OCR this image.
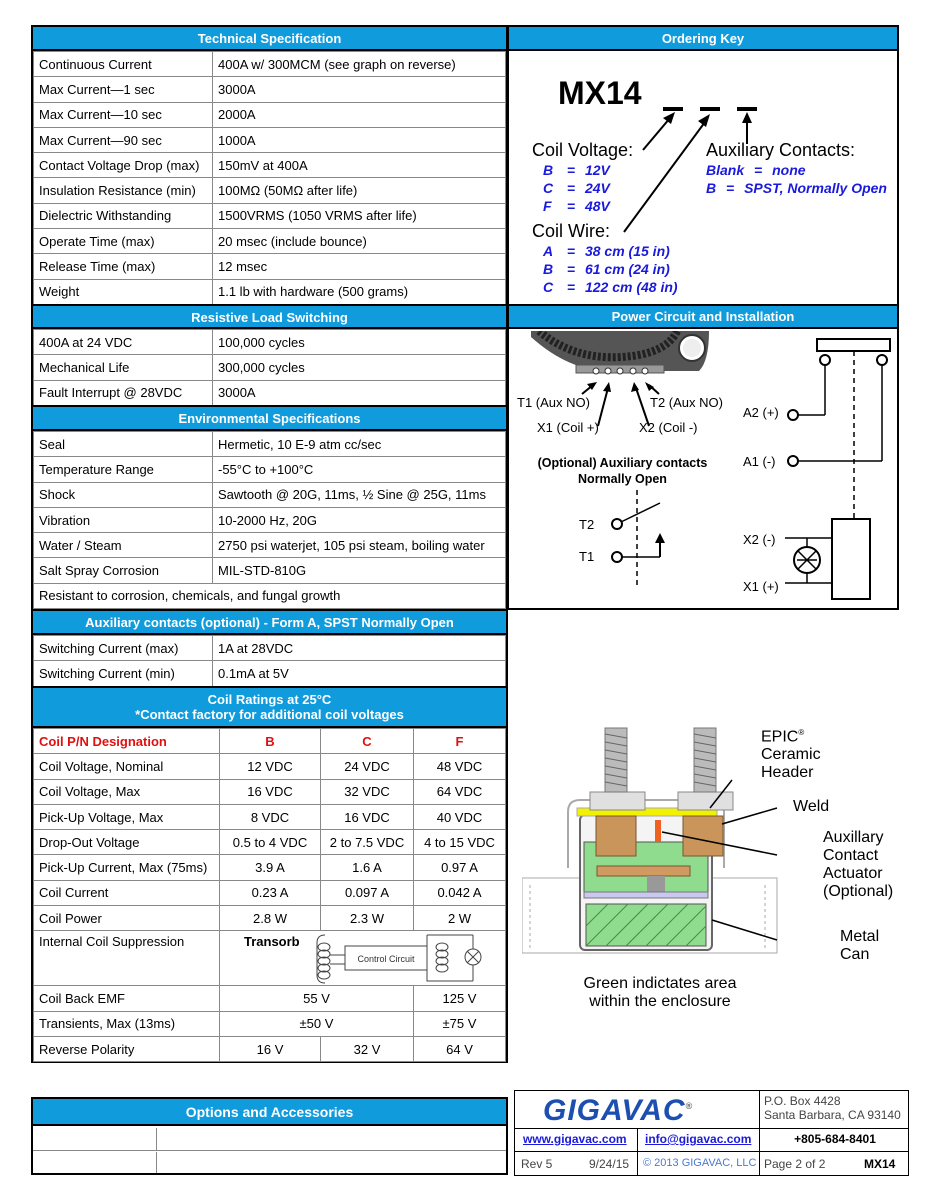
Technical Specification
Continuous Current	400A w/ 300MCM (see graph on reverse)
Max Current—1 sec	3000A
Max Current—10 sec	2000A
Max Current—90 sec	1000A
Contact Voltage Drop (max)	150mV at 400A
Insulation Resistance (min)	100MΩ (50MΩ after life)
Dielectric Withstanding	1500VRMS (1050 VRMS after life)
Operate Time (max)	20 msec (include bounce)
Release Time (max)	12 msec
Weight	1.1 lb with hardware (500 grams)
Resistive Load Switching
400A at 24 VDC	100,000 cycles
Mechanical Life	300,000 cycles
Fault Interrupt @ 28VDC	3000A
Environmental Specifications
Seal	Hermetic, 10 E-9 atm cc/sec
Temperature Range	-55°C to +100°C
Shock	Sawtooth @ 20G, 11ms, ½ Sine @ 25G, 11ms
Vibration	10-2000 Hz, 20G
Water / Steam	2750 psi waterjet, 105 psi steam, boiling water
Salt Spray Corrosion	MIL-STD-810G
Resistant to corrosion, chemicals, and fungal growth	
Auxiliary contacts (optional) - Form A, SPST Normally Open
Switching Current (max)	1A at 28VDC
Switching Current (min)	0.1mA at 5V
Coil Ratings at 25°C
*Contact factory for additional coil voltages
Coil P/N Designation	B	C	F
Coil Voltage, Nominal	12 VDC	24 VDC	48 VDC
Coil Voltage, Max	16 VDC	32 VDC	64 VDC
Pick-Up Voltage, Max	8 VDC	16 VDC	40 VDC
Drop-Out Voltage	0.5 to 4 VDC	2 to 7.5 VDC	4 to 15 VDC
Pick-Up Current, Max (75ms)	3.9 A	1.6 A	0.97 A
Coil Current	0.23 A	0.097 A	0.042 A
Coil Power	2.8 W	2.3 W	2 W
Internal Coil Suppression	Transorb
Control Circuit		

Coil Back EMF	55 V		125 V
Transients, Max (13ms)	±50 V		±75 V
Reverse Polarity	16 V	32 V	64 V
Options and Accessories
Ordering Key
MX14
Coil Voltage:
B = 12V
C = 24V
F = 48V
Coil Wire:
A = 38 cm (15 in)
B = 61 cm (24 in)
C = 122 cm (48 in)
Auxiliary Contacts:
Blank = none
B = SPST, Normally Open
Power Circuit and Installation
T1 (Aux NO)	T2 (Aux NO)
X1 (Coil +)	X2 (Coil -)
(Optional) Auxiliary contacts
Normally Open
T2
T1
A2 (+)
A1 (-)
X2 (-)
X1 (+)
EPIC®
Ceramic
Header
Weld
Auxillary
Contact
Actuator
(Optional)
Metal
Can
Green indictates area
within the enclosure
GIGAVAC®	P.O. Box 4428
Santa Barbara, CA 93140
www.gigavac.com info@gigavac.com	+805-684-8401
Rev 5	9/24/15 © 2013 GIGAVAC, LLC Page 2 of 2	MX14
